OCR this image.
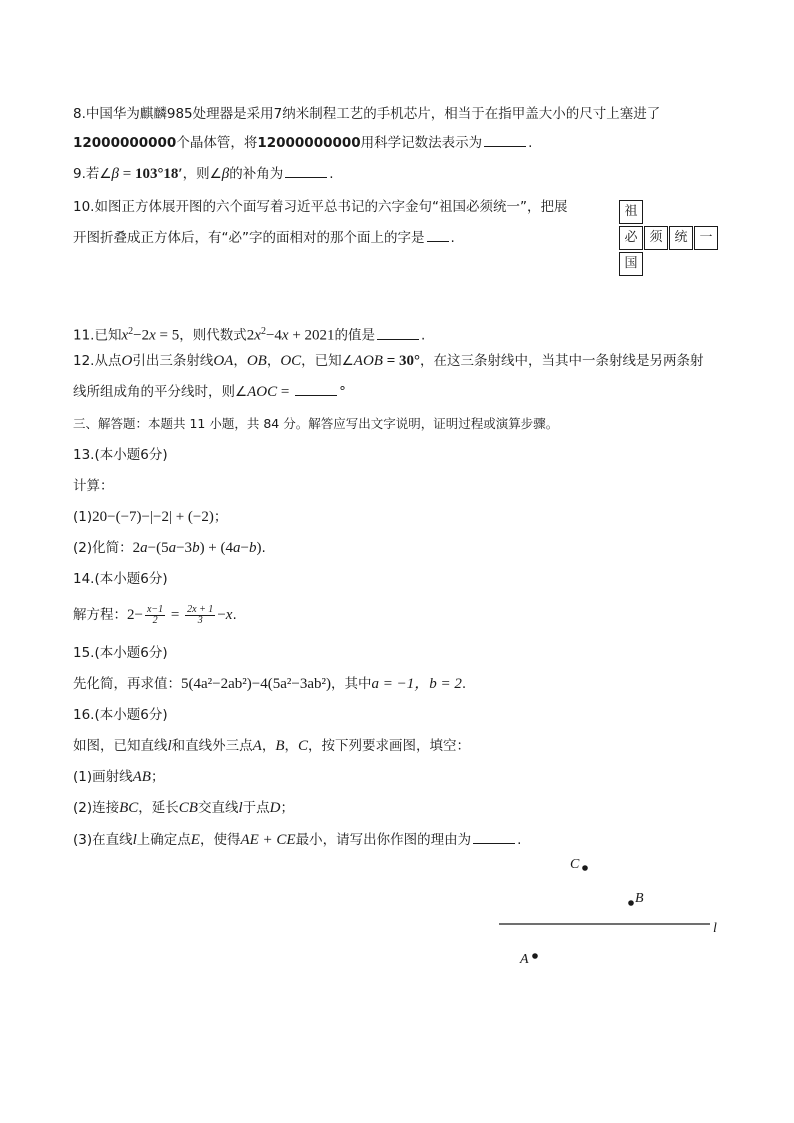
8.中国华为麒麟985处理器是采用7纳米制程工艺的手机芯片，相当于在指甲盖大小的尺寸上塞进了
12000000000个晶体管，将12000000000用科学记数法表示为	.
9.若∠β = 103°18′，则∠β的补角为	.
10.如图正方体展开图的六个面写着习近平总书记的六字金句“祖国必须统一”，把展
开图折叠成正方体后，有“必”字的面相对的那个面上的字是 .
祖
必 须 统 一
国
11.已知$x^2-2x = 5$，则代数式$2x^2-4x + 2021$的值是	.
12.从点O引出三条射线OA，OB，OC，已知∠AOB = 30°，在这三条射线中，当其中一条射线是另两条射
线所组成角的平分线时，则∠AOC =	°
三、解答题：本题共 11 小题，共 84 分。解答应写出文字说明，证明过程或演算步骤。
13.(本小题6分)
计算：
(1)20−(−7)−|−2| + (−2)；
(2)化简：2a−(5a−3b) + (4a−b).
14.(本小题6分)
解方程：$2- \frac{x-1}{2} = \frac{2x + 1}{3} -x$.
15.(本小题6分)
先化简，再求值：5(4a²−2ab²)−4(5a²−3ab²)，其中a = −1，b = 2.
16.(本小题6分)
如图，已知直线l和直线外三点A，B，C，按下列要求画图，填空：
(1)画射线AB；
(2)连接BC，延长CB交直线l于点D；
(3)在直线l上确定点E，使得AE + CE最小，请写出你作图的理由为	.
l
C
B
A
